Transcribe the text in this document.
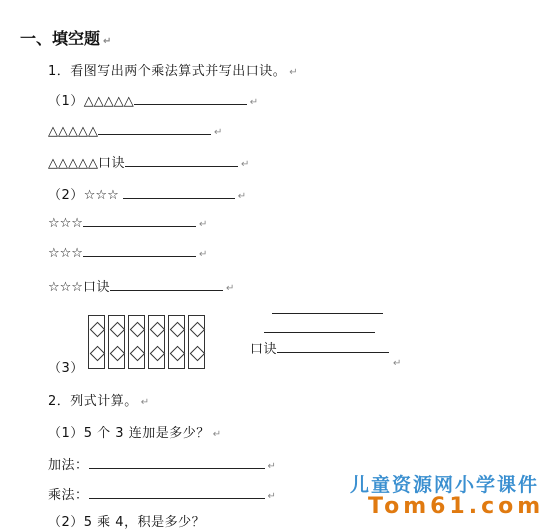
一、填空题 ↵
1．看图写出两个乘法算式并写出口诀。 ↵
（1）△△△△△	↵
△△△△△	↵
△△△△△口诀	↵
（2）☆☆☆	↵
☆☆☆	↵
☆☆☆	↵
☆☆☆口诀	↵
（3）
口诀
↵
2．列式计算。 ↵
（1）5 个 3 连加是多少？ ↵
加法：	↵
乘法：	↵
（2）5 乘 4，积是多少？
儿童资源网小学课件
Tom61.com
